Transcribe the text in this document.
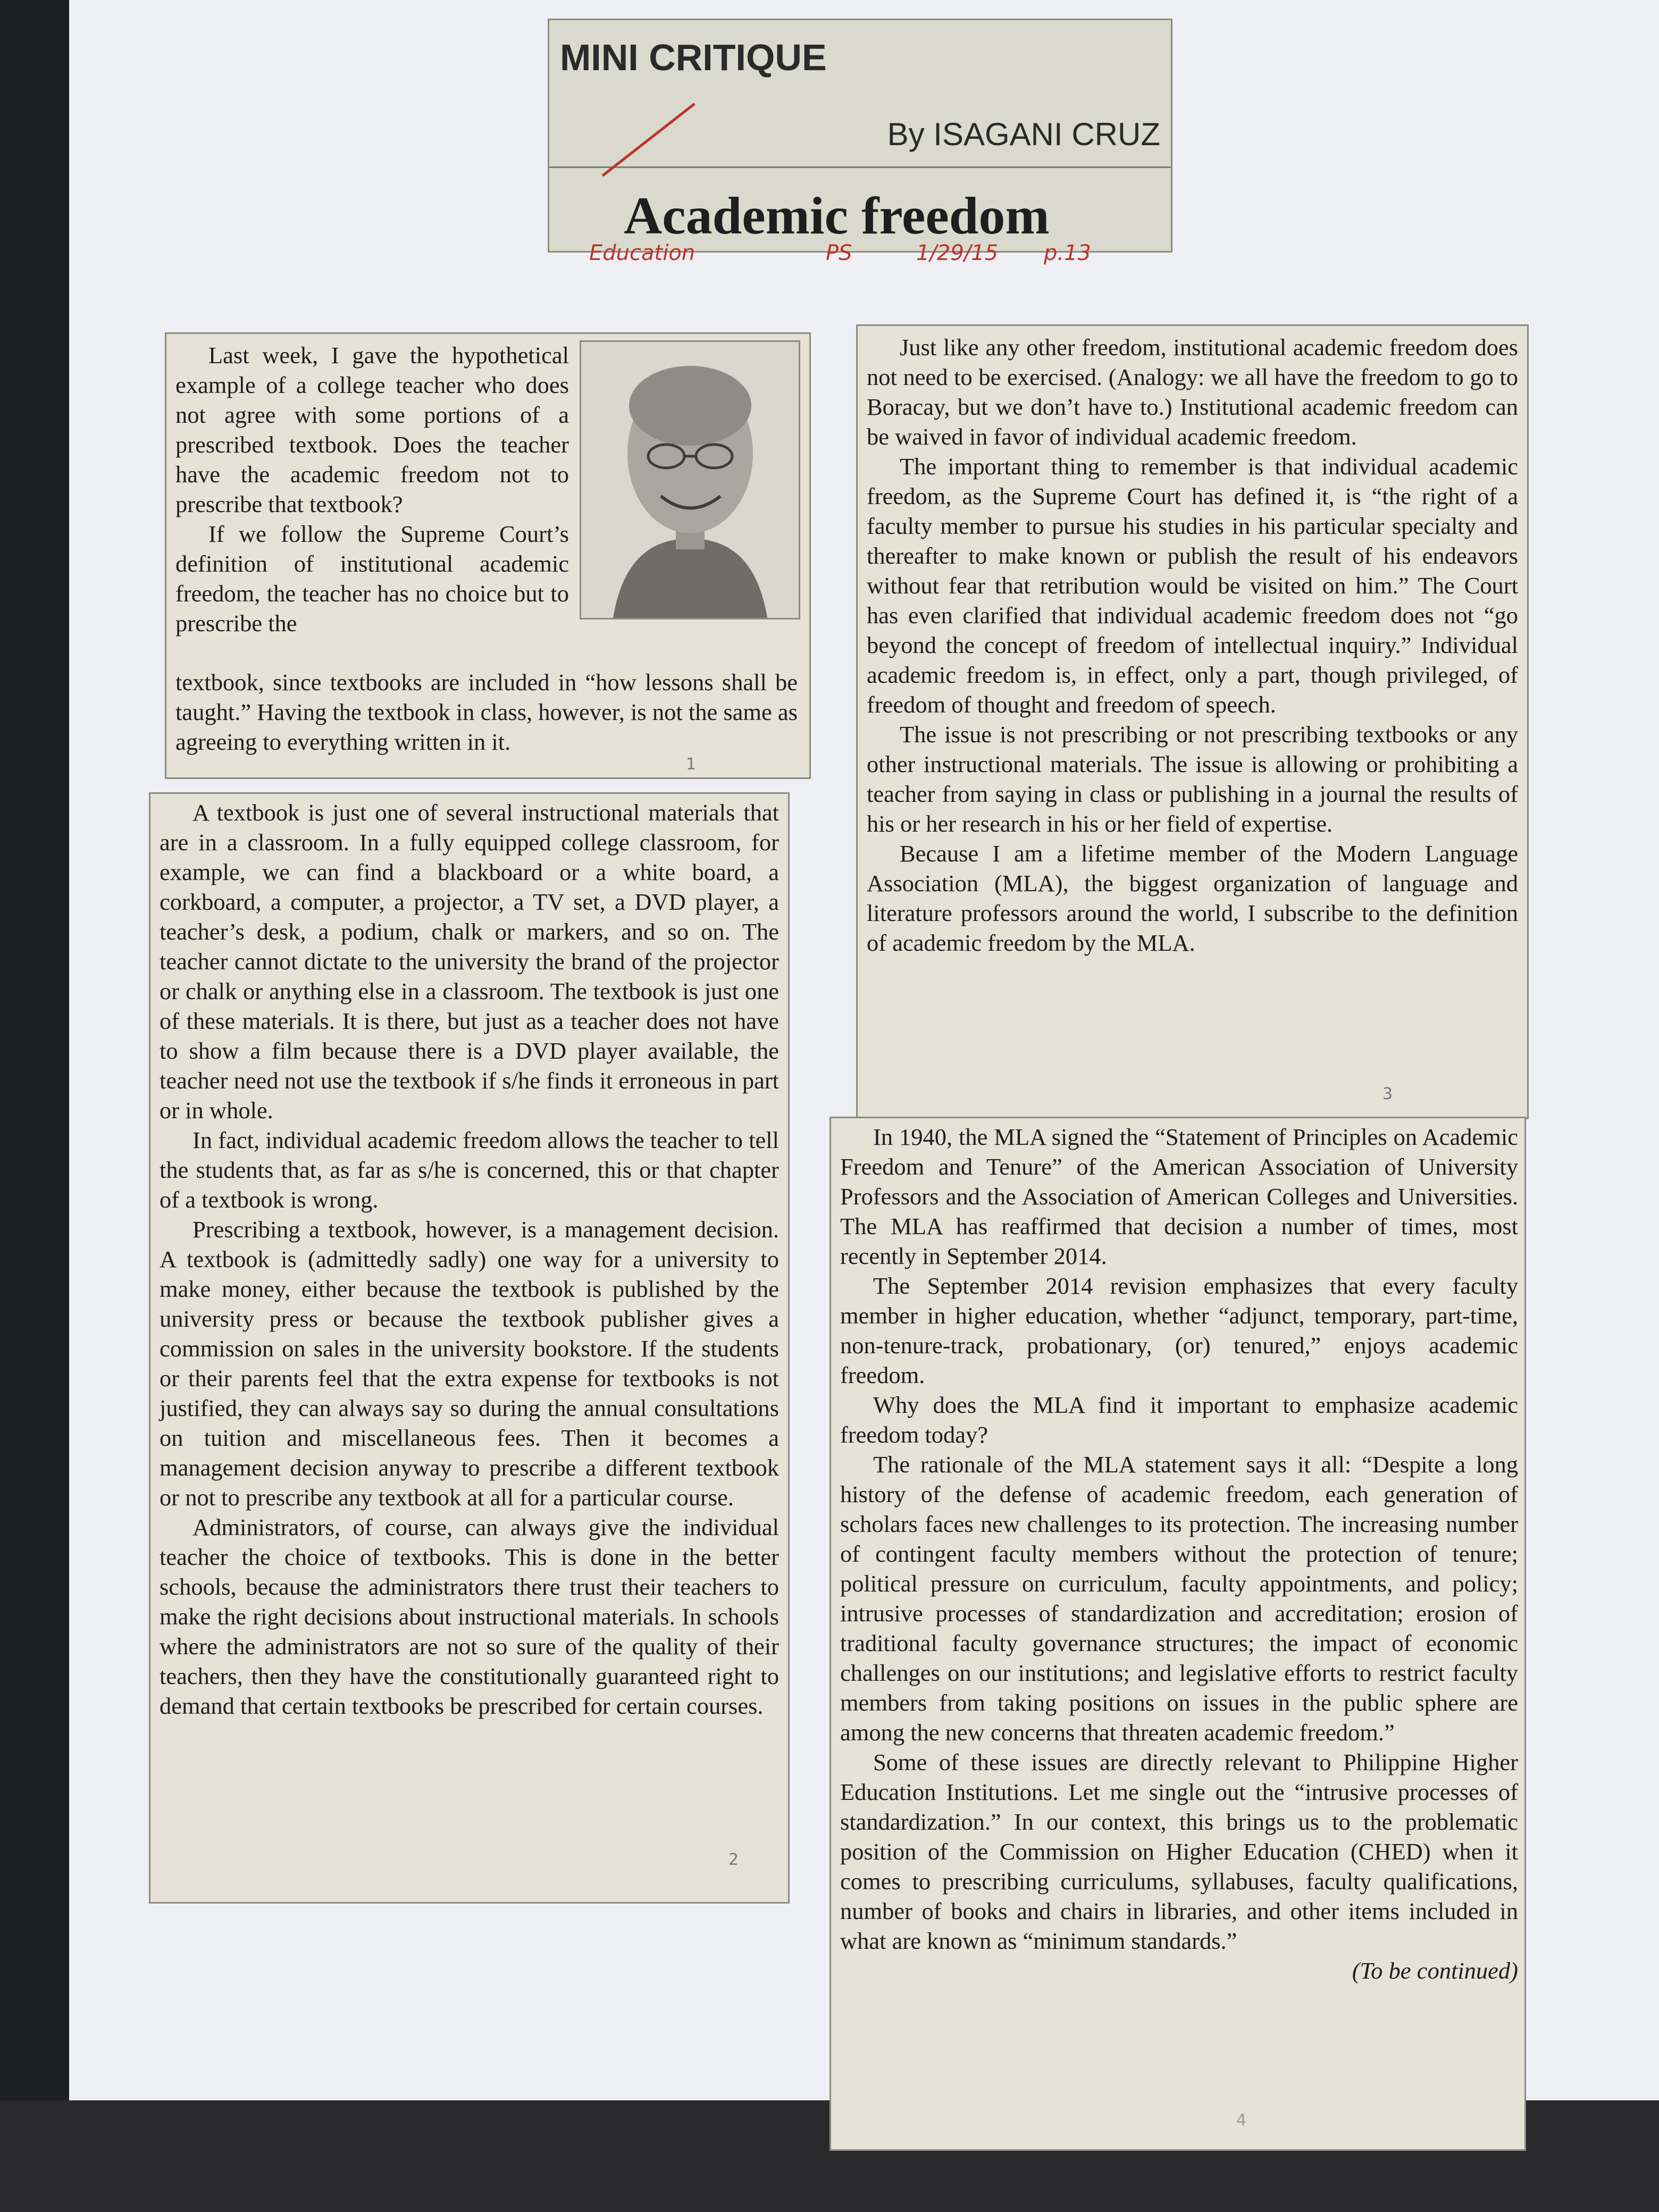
MINI CRITIQUE
By ISAGANI CRUZ
Academic freedom
Education	PS	1/29/15 p.13

Last week, I gave the hypothetical example of a college teacher who does not agree with some portions of a prescribed textbook. Does the teacher have the academic freedom not to prescribe that textbook?

If we follow the Supreme Court’s definition of institutional academic freedom, the teacher has no choice but to prescribe the

textbook, since textbooks are included in “how lessons shall be taught.” Having the textbook in class, however, is not the same as agreeing to everything written in it.

1

A textbook is just one of several instructional materials that are in a classroom. In a fully equipped college classroom, for example, we can find a blackboard or a white board, a corkboard, a computer, a projector, a TV set, a DVD player, a teacher’s desk, a podium, chalk or markers, and so on. The teacher cannot dictate to the university the brand of the projector or chalk or anything else in a classroom. The textbook is just one of these materials. It is there, but just as a teacher does not have to show a film because there is a DVD player available, the teacher need not use the textbook if s/he finds it erroneous in part or in whole.

In fact, individual academic freedom allows the teacher to tell the students that, as far as s/he is concerned, this or that chapter of a textbook is wrong.

Prescribing a textbook, however, is a management decision. A textbook is (admittedly sadly) one way for a university to make money, either because the textbook is published by the university press or because the textbook publisher gives a commission on sales in the university bookstore. If the students or their parents feel that the extra expense for textbooks is not justified, they can always say so during the annual consultations on tuition and miscellaneous fees. Then it becomes a management decision anyway to prescribe a different textbook or not to prescribe any textbook at all for a particular course.

Administrators, of course, can always give the individual teacher the choice of textbooks. This is done in the better schools, because the administrators there trust their teachers to make the right decisions about instructional materials. In schools where the administrators are not so sure of the quality of their teachers, then they have the constitutionally guaranteed right to demand that certain textbooks be prescribed for certain courses.

2

Just like any other freedom, institutional academic freedom does not need to be exercised. (Analogy: we all have the freedom to go to Boracay, but we don’t have to.) Institutional academic freedom can be waived in favor of individual academic freedom.

The important thing to remember is that individual academic freedom, as the Supreme Court has defined it, is “the right of a faculty member to pursue his studies in his particular specialty and thereafter to make known or publish the result of his endeavors without fear that retribution would be visited on him.” The Court has even clarified that individual academic freedom does not “go beyond the concept of freedom of intellectual inquiry.” Individual academic freedom is, in effect, only a part, though privileged, of freedom of thought and freedom of speech.

The issue is not prescribing or not prescribing textbooks or any other instructional materials. The issue is allowing or prohibiting a teacher from saying in class or publishing in a journal the results of his or her research in his or her field of expertise.

Because I am a lifetime member of the Modern Language Association (MLA), the biggest organization of language and literature professors around the world, I subscribe to the definition of academic freedom by the MLA.

3

In 1940, the MLA signed the “Statement of Principles on Academic Freedom and Tenure” of the American Association of University Professors and the Association of American Colleges and Universities. The MLA has reaffirmed that decision a number of times, most recently in September 2014.

The September 2014 revision emphasizes that every faculty member in higher education, whether “adjunct, temporary, part-time, non-tenure-track, probationary, (or) tenured,” enjoys academic freedom.

Why does the MLA find it important to emphasize academic freedom today?

The rationale of the MLA statement says it all: “Despite a long history of the defense of academic freedom, each generation of scholars faces new challenges to its protection. The increasing number of contingent faculty members without the protection of tenure; political pressure on curriculum, faculty appointments, and policy; intrusive processes of standardization and accreditation; erosion of traditional faculty governance structures; the impact of economic challenges on our institutions; and legislative efforts to restrict faculty members from taking positions on issues in the public sphere are among the new concerns that threaten academic freedom.”

Some of these issues are directly relevant to Philippine Higher Education Institutions. Let me single out the “intrusive processes of standardization.” In our context, this brings us to the problematic position of the Commission on Higher Education (CHED) when it comes to prescribing curriculums, syllabuses, faculty qualifications, number of books and chairs in libraries, and other items included in what are known as “minimum standards.”

(To be continued)
4
